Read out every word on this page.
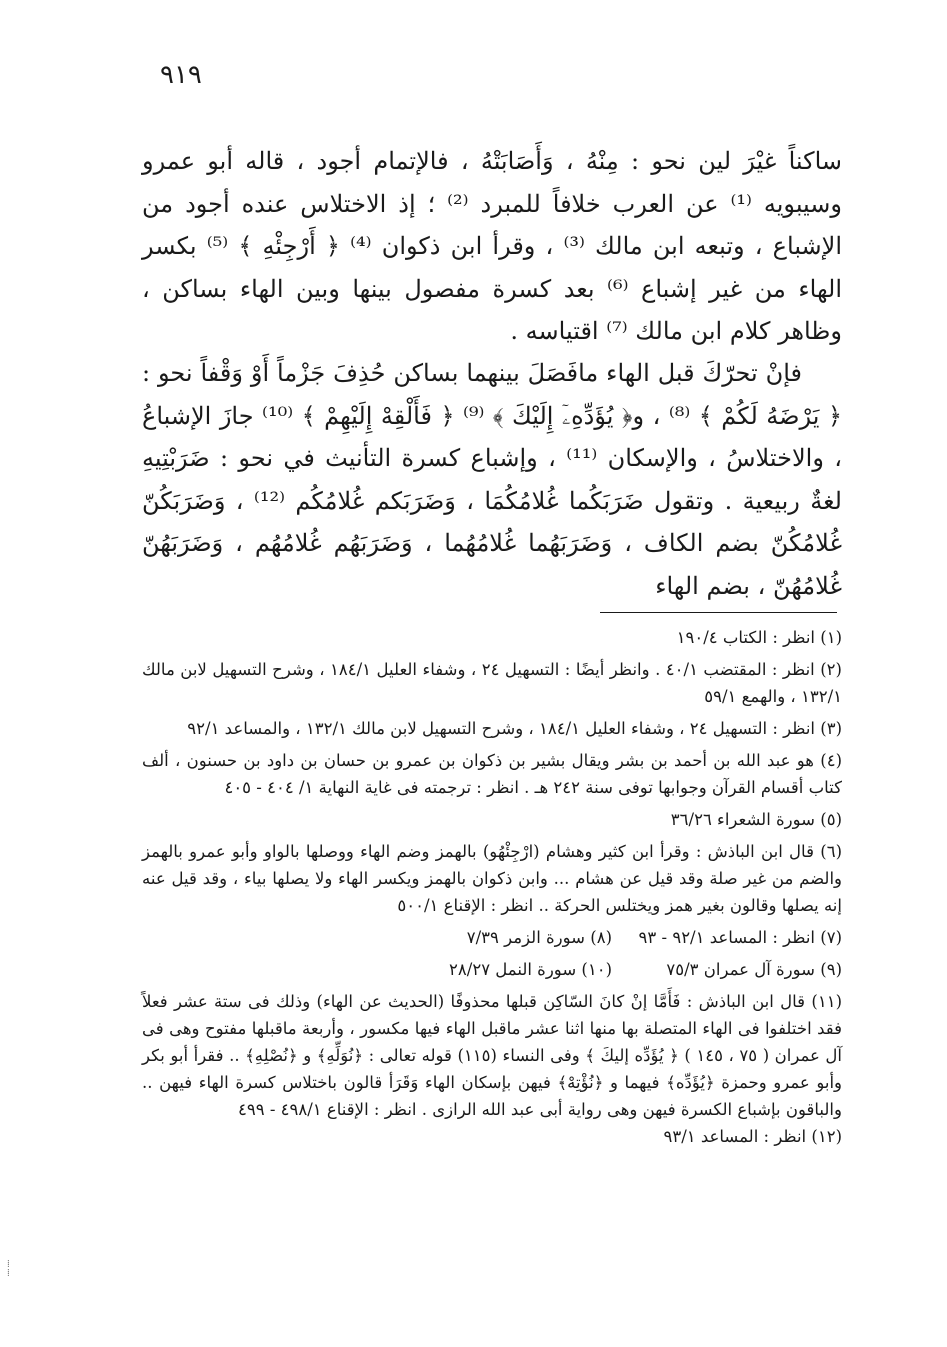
٩١٩

ساكناً غيْرَ لين نحو : مِنْهُ ، وَأَصَابَتْهُ ، فالإتمام أجود ، قاله أبو عمرو وسيبويه ⁽¹⁾ عن العرب خلافاً للمبرد ⁽²⁾ ؛ إذ الاختلاس عنده أجود من الإشباع ، وتبعه ابن مالك ⁽³⁾ ، وقرأ ابن ذكوان ⁽⁴⁾ ﴿ أَرْجِئْهِ ﴾ ⁽⁵⁾ بكسر الهاء من غير إشباع ⁽⁶⁾ بعد كسرة مفصول بينها وبين الهاء بساكن ، وظاهر كلام ابن مالك ⁽⁷⁾ اقتياسه .

فإنْ تحرّكَ قبل الهاء مافَصَلَ بينهما بساكن حُذِفَ جَزْماً أَوْ وَقْفاً نحو : ﴿ يَرْضَهُ لَكُمْ ﴾ ⁽⁸⁾ ، و﴿ يُؤَدِّهِۦٓ إِلَيْكَ ﴾ ⁽⁹⁾ ﴿ فَأَلْقِهْ إِلَيْهِمْ ﴾ ⁽¹⁰⁾ جازَ الإشباعُ ، والاختلاسُ ، والإسكان ⁽¹¹⁾ ، وإشباع كسرة التأنيث في نحو : ضَرَبْتِيهِ لغةٌ ربيعية . وتقول ضَرَبَكُما غُلامُكُمَا ، وَضَرَبَكم غُلامُكُم ⁽¹²⁾ ، وَضَرَبَكُنّ غُلامُكُنّ بضم الكاف ، وَضَرَبَهُما غُلامُهُما ، وَضَرَبَهُم غُلامُهُم ، وَضَرَبَهُنّ غُلامُهُنّ ، بضم الهاء

(١) انظر : الكتاب ١٩٠/٤

(٢) انظر : المقتضب ٤٠/١ . وانظر أيضًا : التسهيل ٢٤ ، وشفاء العليل ١٨٤/١ ، وشرح التسهيل لابن مالك ١٣٢/١ ، والهمع ٥٩/١

(٣) انظر : التسهيل ٢٤ ، وشفاء العليل ١٨٤/١ ، وشرح التسهيل لابن مالك ١٣٢/١ ، والمساعد ٩٢/١

(٤) هو عبد الله بن أحمد بن بشر ويقال بشير بن ذكوان بن عمرو بن حسان بن داود بن حسنون ، ألف كتاب أقسام القرآن وجوابها توفى سنة ٢٤٢ هـ . انظر : ترجمته فى غاية النهاية ١/ ٤٠٤ - ٤٠٥

(٥) سورة الشعراء ٣٦/٢٦

(٦) قال ابن الباذش : وقرأ ابن كثير وهشام (ارْجِئْهُو) بالهمز وضم الهاء ووصلها بالواو وأبو عمرو بالهمز والضم من غير صلة وقد قيل عن هشام ... وابن ذكوان بالهمز ويكسر الهاء ولا يصلها بياء ، وقد قيل عنه إنه يصلها وقالون بغير همز ويختلس الحركة .. انظر : الإقناع ٥٠٠/١

(٧) انظر : المساعد ٩٢/١ - ٩٣
(٨) سورة الزمر ٧/٣٩
(٩) سورة آل عمران ٧٥/٣
(١٠) سورة النمل ٢٨/٢٧

(١١) قال ابن الباذش : فَأَمَّا إنْ كانَ السّاكِن قبلها محذوفًا (الحديث عن الهاء) وذلك فى ستة عشر فعلاً فقد اختلفوا فى الهاء المتصلة بها منها اثنا عشر ماقبل الهاء فيها مكسور ، وأربعة ماقبلها مفتوح وهى فى آل عمران ( ٧٥ ، ١٤٥ ) ﴿ يُؤَدِّه إليكَ ﴾ وفى النساء (١١٥) قوله تعالى : ﴿نُوَلِّهِ﴾ و ﴿نُصْلِهِ﴾ .. فقرأ أبو بكر وأبو عمرو وحمزة ﴿يُؤَدِّه﴾ فيهما و ﴿نُؤْتِهْ﴾ فيهن بإسكان الهاء وَقَرَأ قالون باختلاس كسرة الهاء فيهن .. والباقون بإشباع الكسرة فيهن وهى رواية أبى عبد الله الرازى . انظر : الإقناع ٤٩٨/١ - ٤٩٩

(١٢) انظر : المساعد ٩٣/١

⁞
⁞
